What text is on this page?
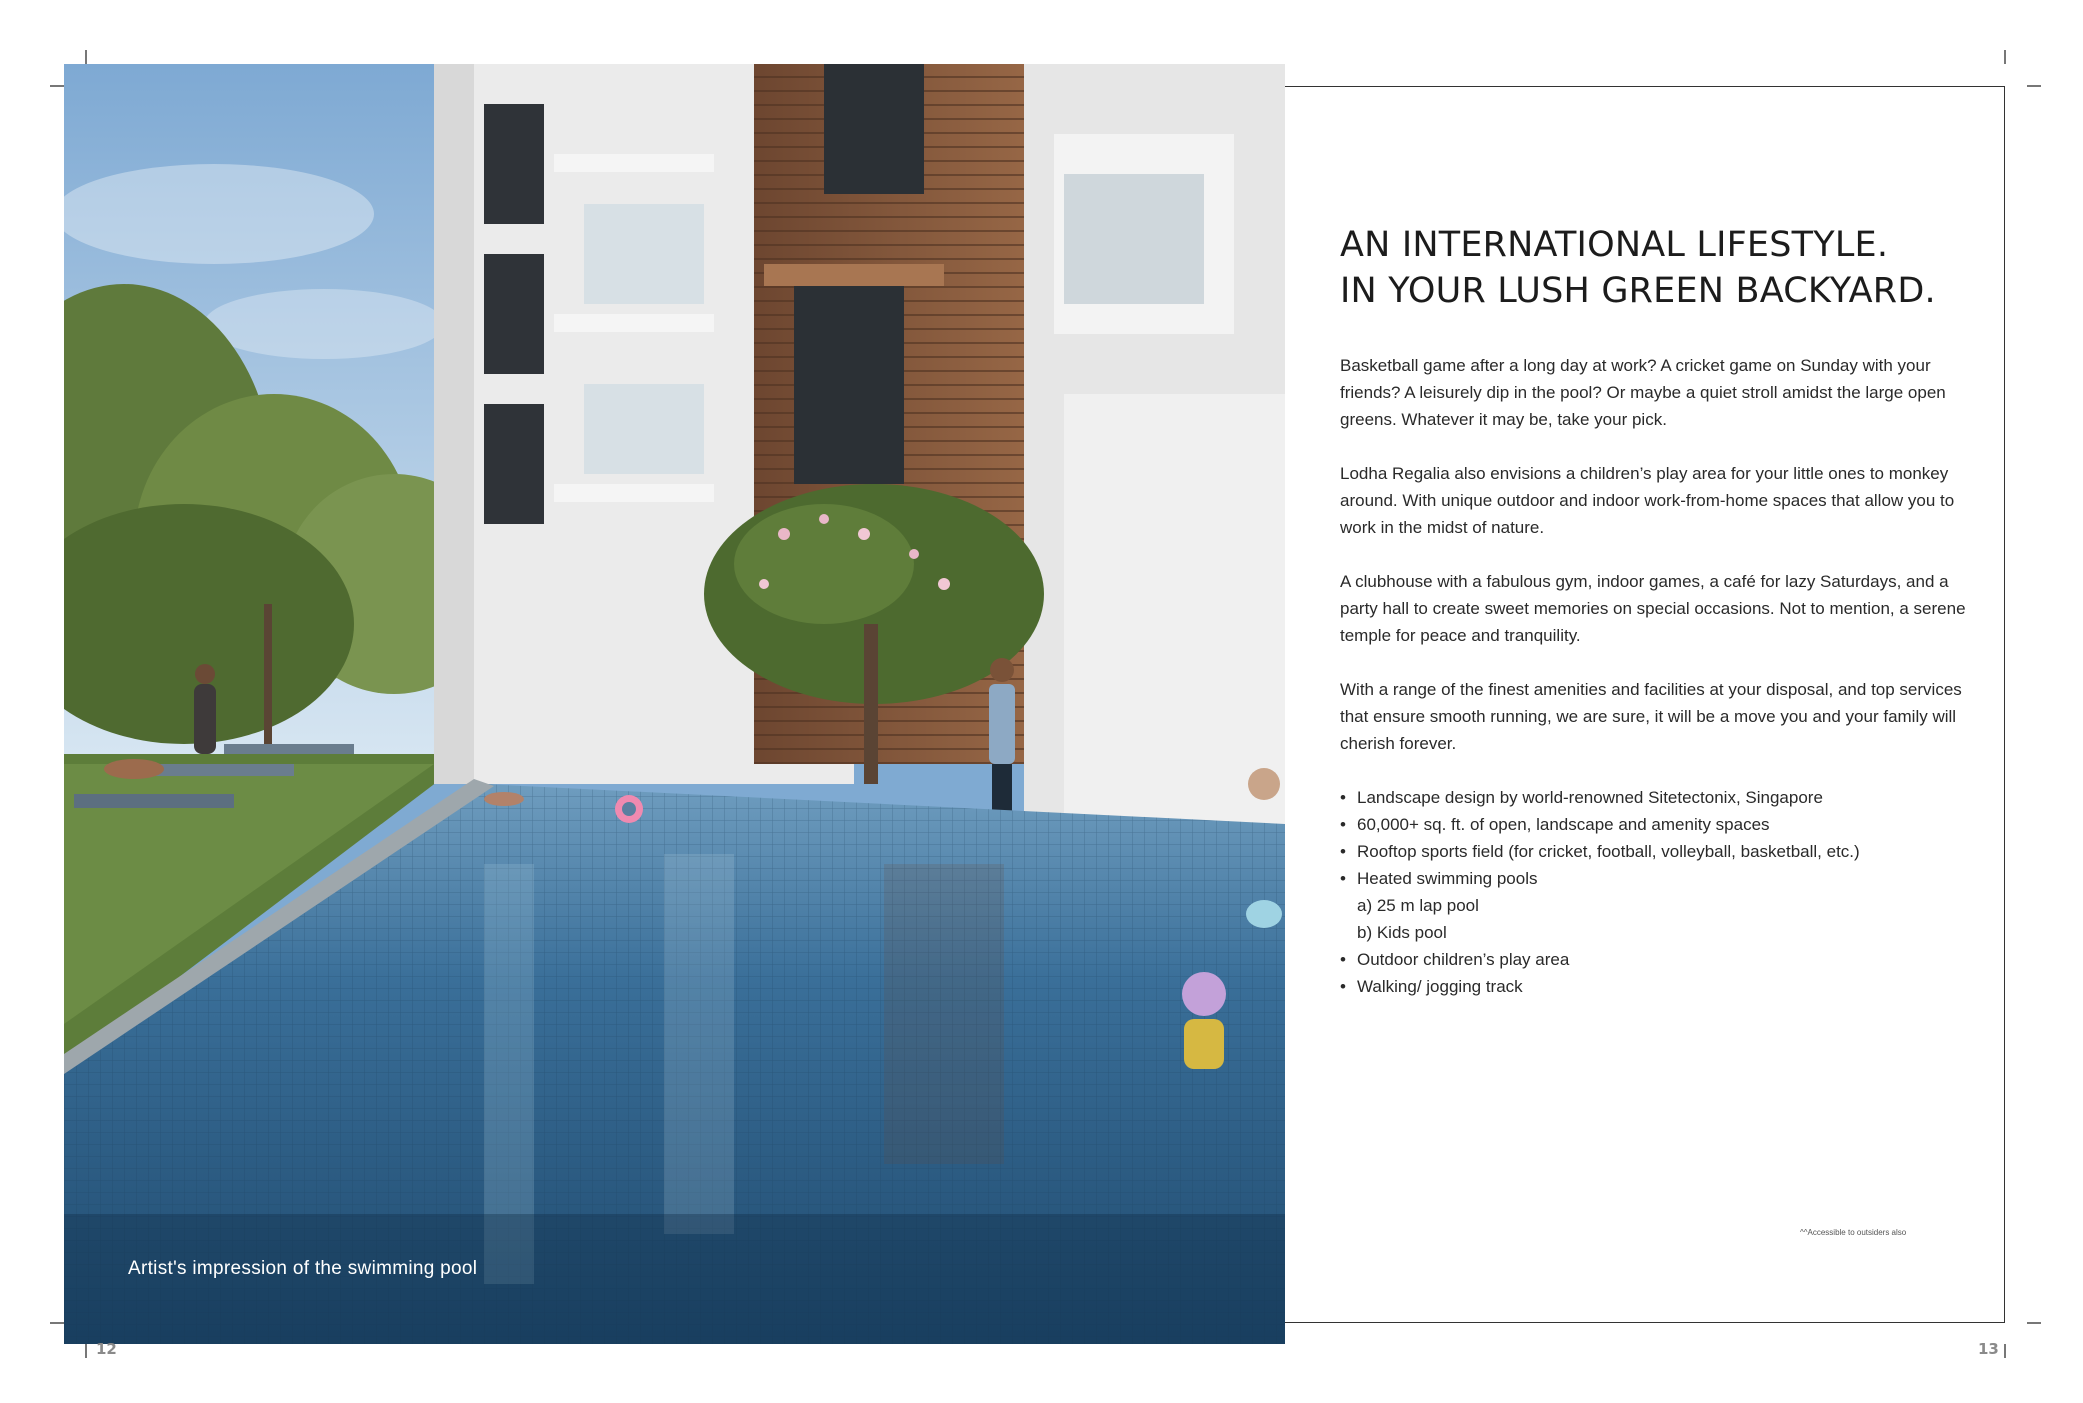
Artist's impression of the swimming pool
12	13
AN INTERNATIONAL LIFESTYLE.
IN YOUR LUSH GREEN BACKYARD.

Basketball game after a long day at work? A cricket game on Sunday with your friends? A leisurely dip in the pool? Or maybe a quiet stroll amidst the large open greens. Whatever it may be, take your pick.

Lodha Regalia also envisions a children’s play area for your little ones to monkey around. With unique outdoor and indoor work-from-home spaces that allow you to work in the midst of nature.

A clubhouse with a fabulous gym, indoor games, a café for lazy Saturdays, and a party hall to create sweet memories on special occasions. Not to mention, a serene temple for peace and tranquility.

With a range of the finest amenities and facilities at your disposal, and top services that ensure smooth running, we are sure, it will be a move you and your family will cherish forever.

• Landscape design by world-renowned Sitetectonix, Singapore
• 60,000+ sq. ft. of open, landscape and amenity spaces
• Rooftop sports field (for cricket, football, volleyball, basketball, etc.)
• Heated swimming pools
a) 25 m lap pool
b) Kids pool
• Outdoor children’s play area
• Walking/ jogging track
^^Accessible to outsiders also
